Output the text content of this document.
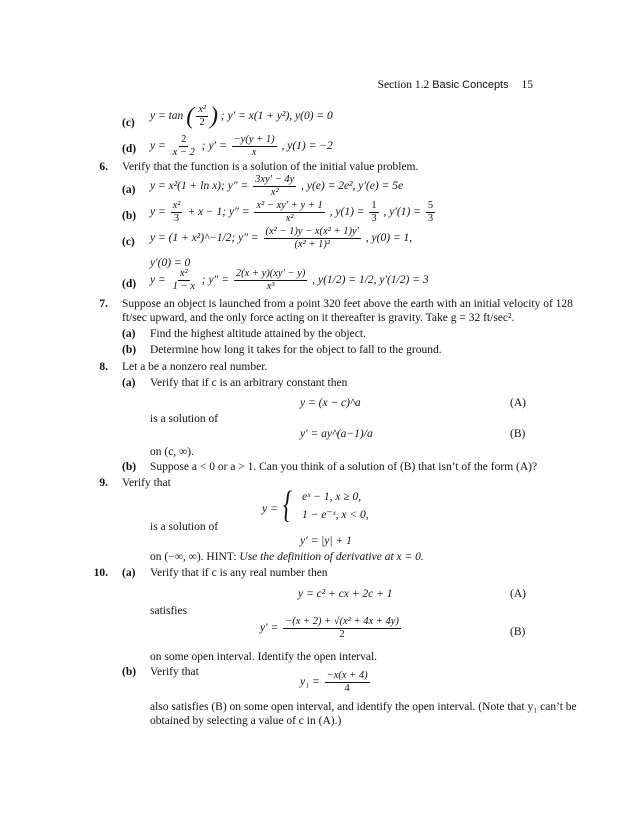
Section 1.2 Basic Concepts 15
(c)
y = tan ( $\frac{\text{x²}}{2}$ ) ; y′ = x(1 + y²), y(0) = 0
(d) $y = \frac{2}{x - 2}$ ; $y' = \frac{-y(y + 1)}{x}$ , y(1) = −2
6. Verify that the function is a solution of the initial value problem.
(a) y = x²(1 + ln x); $y'' = \frac{3xy' - 4y}{\text{x²}}$ , y(e) = 2e², y′(e) = 5e
(b) $y = \frac{\text{x²}}{3} + x - 1$; $y'' = \frac{\text{x² − xy′ + y + 1}}{\text{x²}}$ , $y(1) = \frac{1}{3}$ , $y'(1) = \frac{5}{3}$
(c) y = (1 + x²)^−1/2; $y'' = \frac{\text{(x² − 1)y − x(x² + 1)y′}}{\text{(x² + 1)²}}$ , y(0) = 1,
y′(0) = 0
(d) $y = \frac{\text{x²}}{1 - x}$ ; $y'' = \frac{2(x + y)(xy' - y)}{\text{x³}}$ , y(1/2) = 1/2, y′(1/2) = 3
7. Suppose an object is launched from a point 320 feet above the earth with an initial velocity of 128
ft/sec upward, and the only force acting on it thereafter is gravity. Take g = 32 ft/sec².
(a) Find the highest altitude attained by the object.
(b) Determine how long it takes for the object to fall to the ground.
8. Let a be a nonzero real number.
(a) Verify that if c is an arbitrary constant then
y = (x − c)^a	(A)
is a solution of
y′ = ay^(a−1)/a	(B)
on (c, ∞).
(b) Suppose a < 0 or a > 1. Can you think of a solution of (B) that isn’t of the form (A)?
9. Verify that
y = { eˣ − 1, x ≥ 0,
1 − e⁻ˣ, x < 0,
is a solution of
y′ = |y| + 1
on (−∞, ∞). HINT: Use the definition of derivative at x = 0.
10. (a) Verify that if c is any real number then
y = c² + cx + 2c + 1	(A)
satisfies
$y' = \frac{\text{−(x + 2) + √(x² + 4x + 4y)}}{2}$	(B)
on some open interval. Identify the open interval.
(b) Verify that
$y_1 = \frac{-x(x + 4)}{4}$
also satisfies (B) on some open interval, and identify the open interval. (Note that y₁ can’t be
obtained by selecting a value of c in (A).)
